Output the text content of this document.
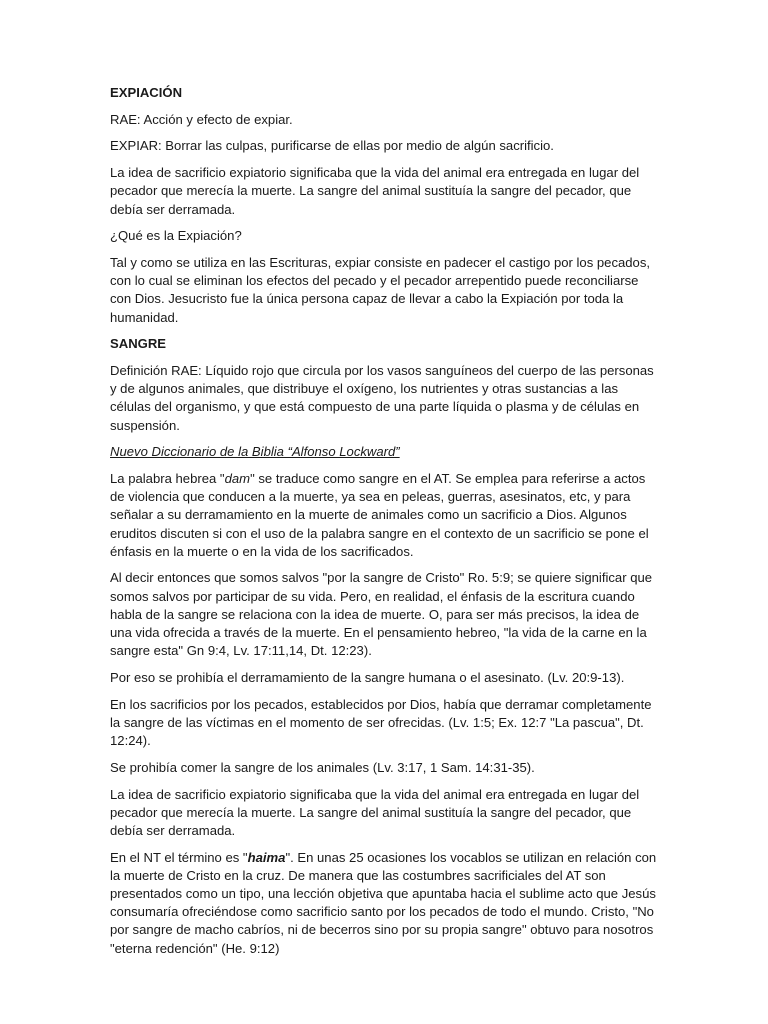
EXPIACIÓN

RAE: Acción y efecto de expiar.

EXPIAR: Borrar las culpas, purificarse de ellas por medio de algún sacrificio.

La idea de sacrificio expiatorio significaba que la vida del animal era entregada en lugar del pecador que merecía la muerte. La sangre del animal sustituía la sangre del pecador, que debía ser derramada.

¿Qué es la Expiación?

Tal y como se utiliza en las Escrituras, expiar consiste en padecer el castigo por los pecados, con lo cual se eliminan los efectos del pecado y el pecador arrepentido puede reconciliarse con Dios. Jesucristo fue la única persona capaz de llevar a cabo la Expiación por toda la humanidad.

SANGRE

Definición RAE: Líquido rojo que circula por los vasos sanguíneos del cuerpo de las personas y de algunos animales, que distribuye el oxígeno, los nutrientes y otras sustancias a las células del organismo, y que está compuesto de una parte líquida o plasma y de células en suspensión.

Nuevo Diccionario de la Biblia “Alfonso Lockward”

La palabra hebrea "dam" se traduce como sangre en el AT. Se emplea para referirse a actos de violencia que conducen a la muerte, ya sea en peleas, guerras, asesinatos, etc, y para señalar a su derramamiento en la muerte de animales como un sacrificio a Dios. Algunos eruditos discuten si con el uso de la palabra sangre en el contexto de un sacrificio se pone el énfasis en la muerte o en la vida de los sacrificados.

Al decir entonces que somos salvos "por la sangre de Cristo" Ro. 5:9; se quiere significar que somos salvos por participar de su vida. Pero, en realidad, el énfasis de la escritura cuando habla de la sangre se relaciona con la idea de muerte. O, para ser más precisos, la idea de una vida ofrecida a través de la muerte. En el pensamiento hebreo, "la vida de la carne en la sangre esta" Gn 9:4, Lv. 17:11,14, Dt. 12:23).

Por eso se prohibía el derramamiento de la sangre humana o el asesinato. (Lv. 20:9-13).

En los sacrificios por los pecados, establecidos por Dios, había que derramar completamente la sangre de las víctimas en el momento de ser ofrecidas. (Lv. 1:5; Ex. 12:7 "La pascua", Dt. 12:24).

Se prohibía comer la sangre de los animales (Lv. 3:17, 1 Sam. 14:31-35).

La idea de sacrificio expiatorio significaba que la vida del animal era entregada en lugar del pecador que merecía la muerte. La sangre del animal sustituía la sangre del pecador, que debía ser derramada.

En el NT el término es "haima". En unas 25 ocasiones los vocablos se utilizan en relación con la muerte de Cristo en la cruz. De manera que las costumbres sacrificiales del AT son presentados como un tipo, una lección objetiva que apuntaba hacia el sublime acto que Jesús consumaría ofreciéndose como sacrificio santo por los pecados de todo el mundo. Cristo, "No por sangre de macho cabríos, ni de becerros sino por su propia sangre" obtuvo para nosotros "eterna redención" (He. 9:12)
